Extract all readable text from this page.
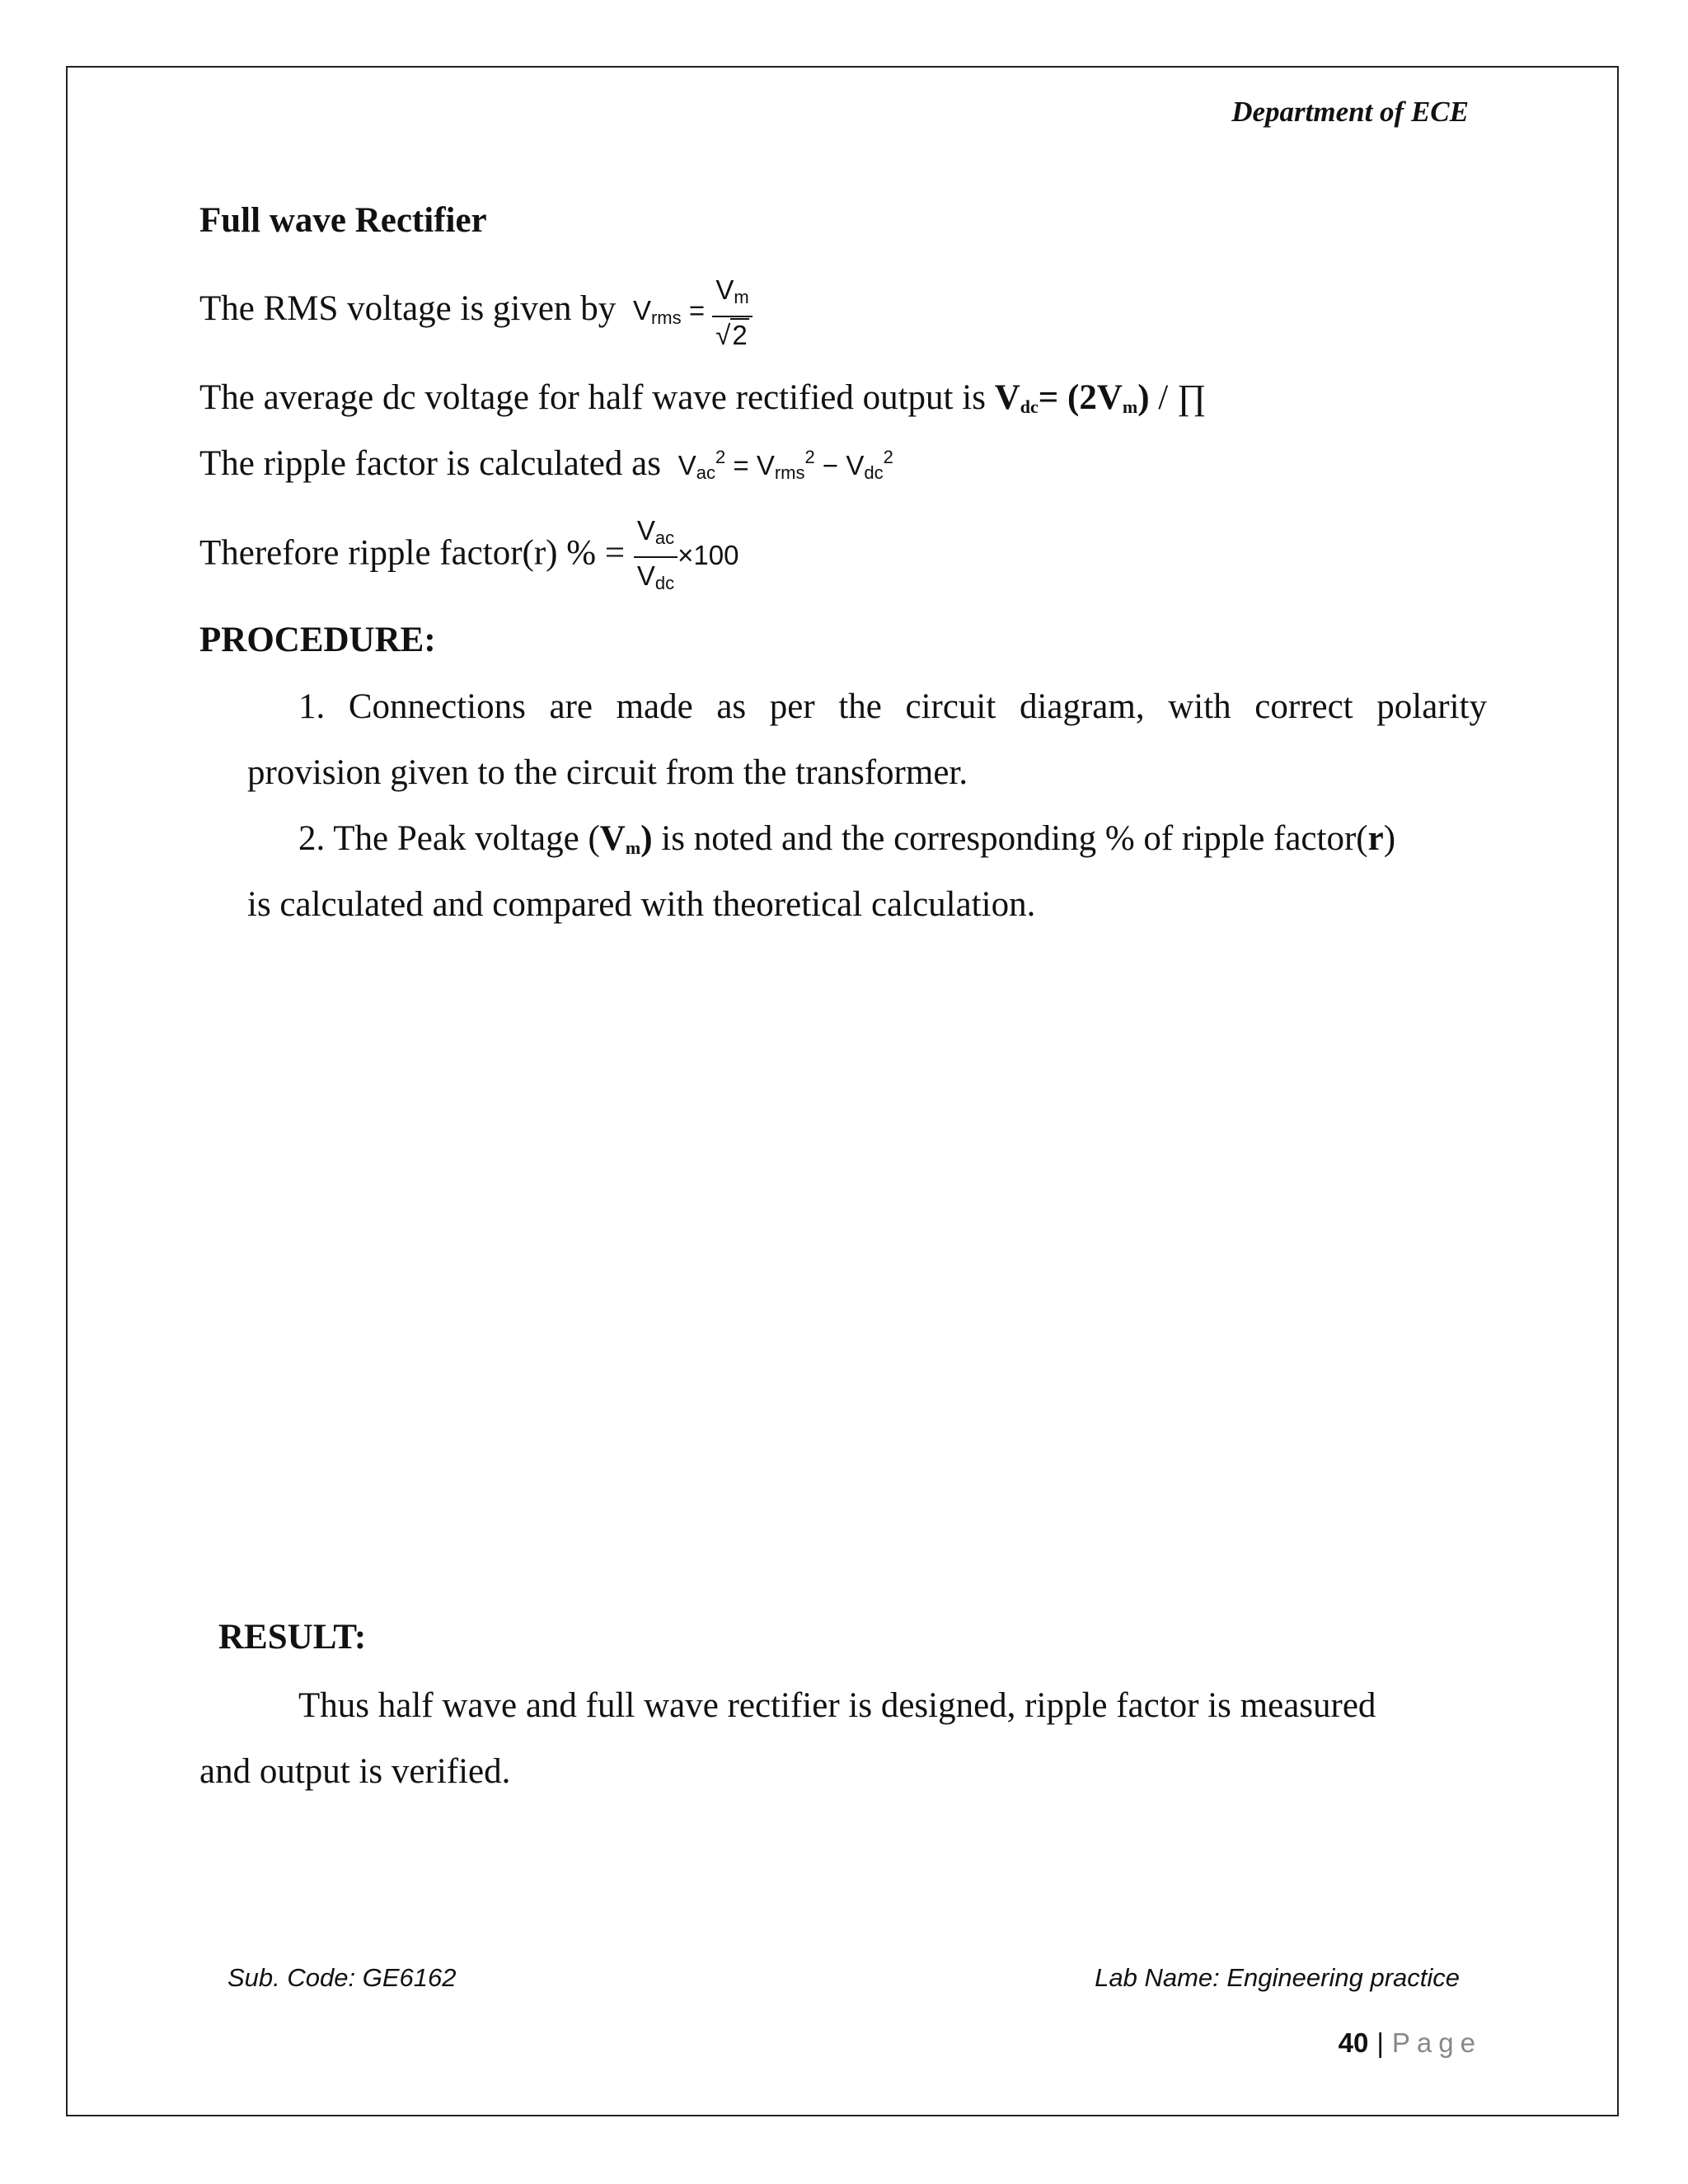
Department of ECE
Full wave Rectifier
The RMS voltage is given by $V_{rms} = \frac{V_m}{√2}$
The average dc voltage for half wave rectified output is $V_{dc}= (2V_m)$ / ∏
The ripple factor is calculated as $V_{ac}^2 = V_{rms}^2 - V_{dc}^2$
Therefore ripple factor(r) % = $\frac{V_{ac}}{V_{dc}} \times 100$
PROCEDURE:
1. Connections are made as per the circuit diagram, with correct polarity
provision given to the circuit from the transformer.
2. The Peak voltage $(V_m)$ is noted and the corresponding % of ripple factor(r)
is calculated and compared with theoretical calculation.
RESULT:
Thus half wave and full wave rectifier is designed, ripple factor is measured
and output is verified.
Sub. Code: GE6162	Lab Name: Engineering practice
40 | Page
